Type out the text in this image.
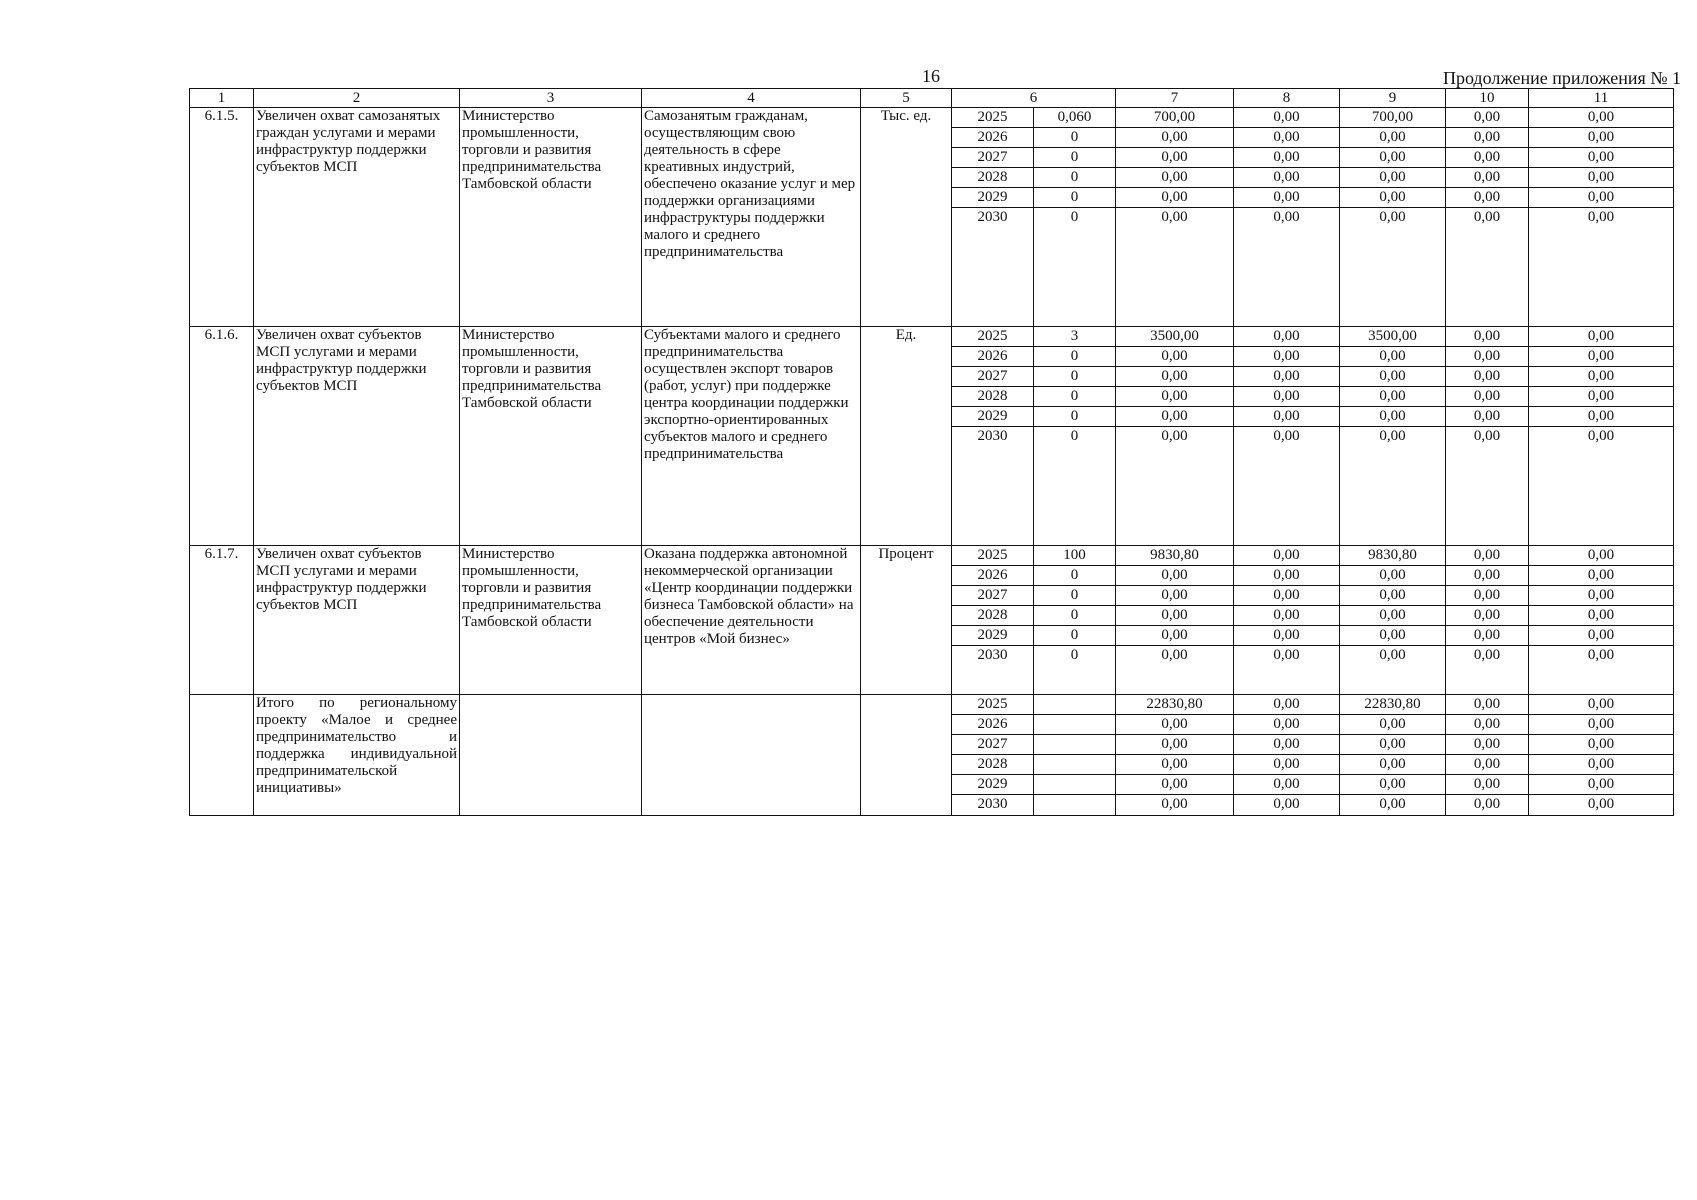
16	Продолжение приложения № 1
1	2	3	4	5	6		7	8	9	10	11
6.1.5.	Увеличен охват самозанятых граждан услугами и мерами инфраструктур поддержки субъектов МСП	Министерство промышленности, торговли и развития предпринимательства Тамбовской области	Самозанятым гражданам, осуществляющим свою деятельность в сфере креативных индустрий, обеспечено оказание услуг и мер поддержки организациями инфраструктуры поддержки малого и среднего предпринимательства	Тыс. ед.	2025	0,060	700,00	0,00	700,00	0,00	0,00
					2026	0	0,00	0,00	0,00	0,00	0,00
					2027	0	0,00	0,00	0,00	0,00	0,00
					2028	0	0,00	0,00	0,00	0,00	0,00
					2029	0	0,00	0,00	0,00	0,00	0,00
					2030	0	0,00	0,00	0,00	0,00	0,00
6.1.6.	Увеличен охват субъектов МСП услугами и мерами инфраструктур поддержки субъектов МСП	Министерство промышленности, торговли и развития предпринимательства Тамбовской области	Субъектами малого и среднего предпринимательства осуществлен экспорт товаров (работ, услуг) при поддержке центра координации поддержки экспортно-ориентированных субъектов малого и среднего предпринимательства	Ед.	2025	3	3500,00	0,00	3500,00	0,00	0,00
					2026	0	0,00	0,00	0,00	0,00	0,00
					2027	0	0,00	0,00	0,00	0,00	0,00
					2028	0	0,00	0,00	0,00	0,00	0,00
					2029	0	0,00	0,00	0,00	0,00	0,00
					2030	0	0,00	0,00	0,00	0,00	0,00
6.1.7.	Увеличен охват субъектов МСП услугами и мерами инфраструктур поддержки субъектов МСП	Министерство промышленности, торговли и развития предпринимательства Тамбовской области	Оказана поддержка автономной некоммерческой организации «Центр координации поддержки бизнеса Тамбовской области» на обеспечение деятельности центров «Мой бизнес»	Процент	2025	100	9830,80	0,00	9830,80	0,00	0,00
					2026	0	0,00	0,00	0,00	0,00	0,00
					2027	0	0,00	0,00	0,00	0,00	0,00
					2028	0	0,00	0,00	0,00	0,00	0,00
					2029	0	0,00	0,00	0,00	0,00	0,00
					2030	0	0,00	0,00	0,00	0,00	0,00
	Итого по региональному проекту «Малое и среднее предпринимательство и поддержка индивидуальной предпринимательской инициативы»				2025		22830,80	0,00	22830,80	0,00	0,00
					2026		0,00	0,00	0,00	0,00	0,00
					2027		0,00	0,00	0,00	0,00	0,00
					2028		0,00	0,00	0,00	0,00	0,00
					2029		0,00	0,00	0,00	0,00	0,00
					2030		0,00	0,00	0,00	0,00	0,00
